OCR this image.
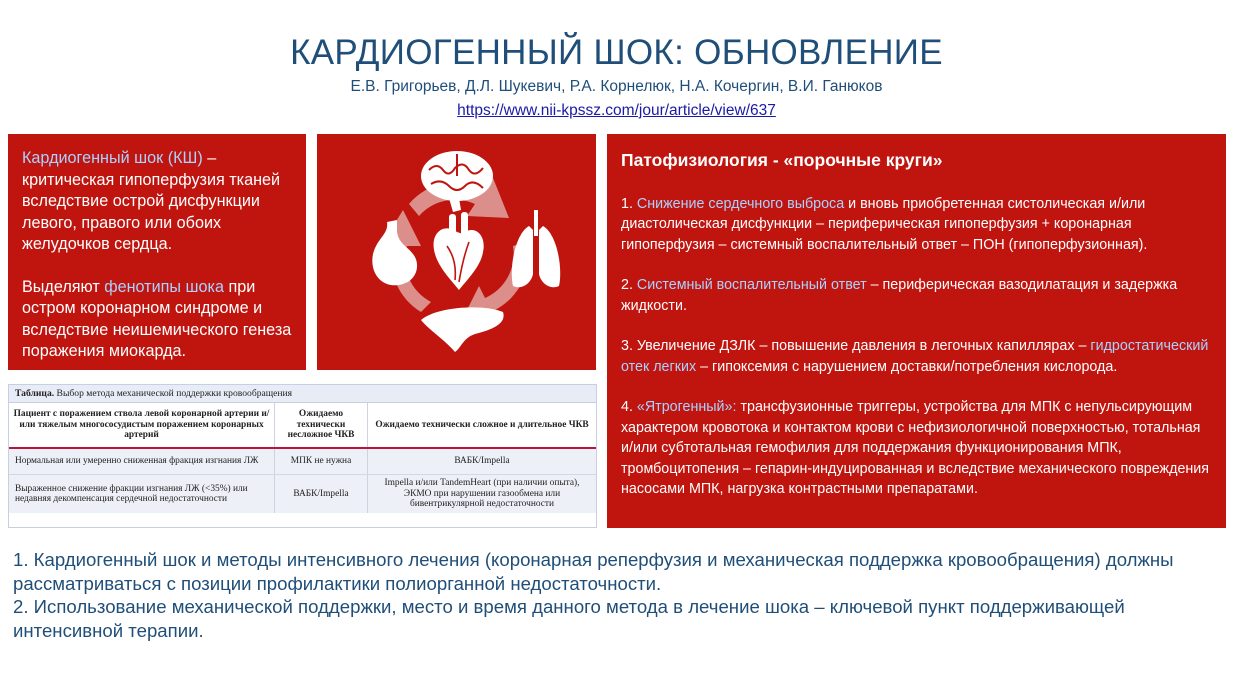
КАРДИОГЕННЫЙ ШОК: ОБНОВЛЕНИЕ
Е.В. Григорьев, Д.Л. Шукевич, Р.А. Корнелюк, Н.А. Кочергин, В.И. Ганюков
https://www.nii-kpssz.com/jour/article/view/637

Кардиогенный шок (КШ) – критическая гипоперфузия тканей вследствие острой дисфункции левого, правого или обоих желудочков сердца.

Выделяют фенотипы шока при остром коронарном синдроме и вследствие неишемического генеза поражения миокарда.

Патофизиология - «порочные круги»

1. Снижение сердечного выброса и вновь приобретенная систолическая и/или диастолическая дисфункции – периферическая гипоперфузия + коронарная гипоперфузия – системный воспалительный ответ – ПОН (гипоперфузионная).

2. Системный воспалительный ответ – периферическая вазодилатация и задержка жидкости.

3. Увеличение ДЗЛК – повышение давления в легочных капиллярах – гидростатический отек легких – гипоксемия с нарушением доставки/потребления кислорода.

4. «Ятрогенный»: трансфузионные триггеры, устройства для МПК с непульсирующим характером кровотока и контактом крови с нефизиологичной поверхностью, тотальная и/или субтотальная гемофилия для поддержания функционирования МПК, тромбоцитопения – гепарин-индуцированная и вследствие механического повреждения насосами МПК, нагрузка контрастными препаратами.

Таблица. Выбор метода механической поддержки кровообращения
Пациент с поражением ствола левой коронарной артерии и/или тяжелым многососудистым поражением коронарных артерий	Ожидаемо технически несложное ЧКВ	Ожидаемо технически сложное и длительное ЧКВ
Нормальная или умеренно сниженная фракция изгнания ЛЖ	МПК не нужна	ВАБК/Impella
Выраженное снижение фракции изгнания ЛЖ (<35%) или недавняя декомпенсация сердечной недостаточности	ВАБК/Impella	Impella и/или TandemHeart (при наличии опыта), ЭКМО при нарушении газообмена или бивентрикулярной недостаточности

1. Кардиогенный шок и методы интенсивного лечения (коронарная реперфузия и механическая поддержка кровообращения) должны рассматриваться с позиции профилактики полиорганной недостаточности.

2. Использование механической поддержки, место и время данного метода в лечение шока – ключевой пункт поддерживающей интенсивной терапии.
